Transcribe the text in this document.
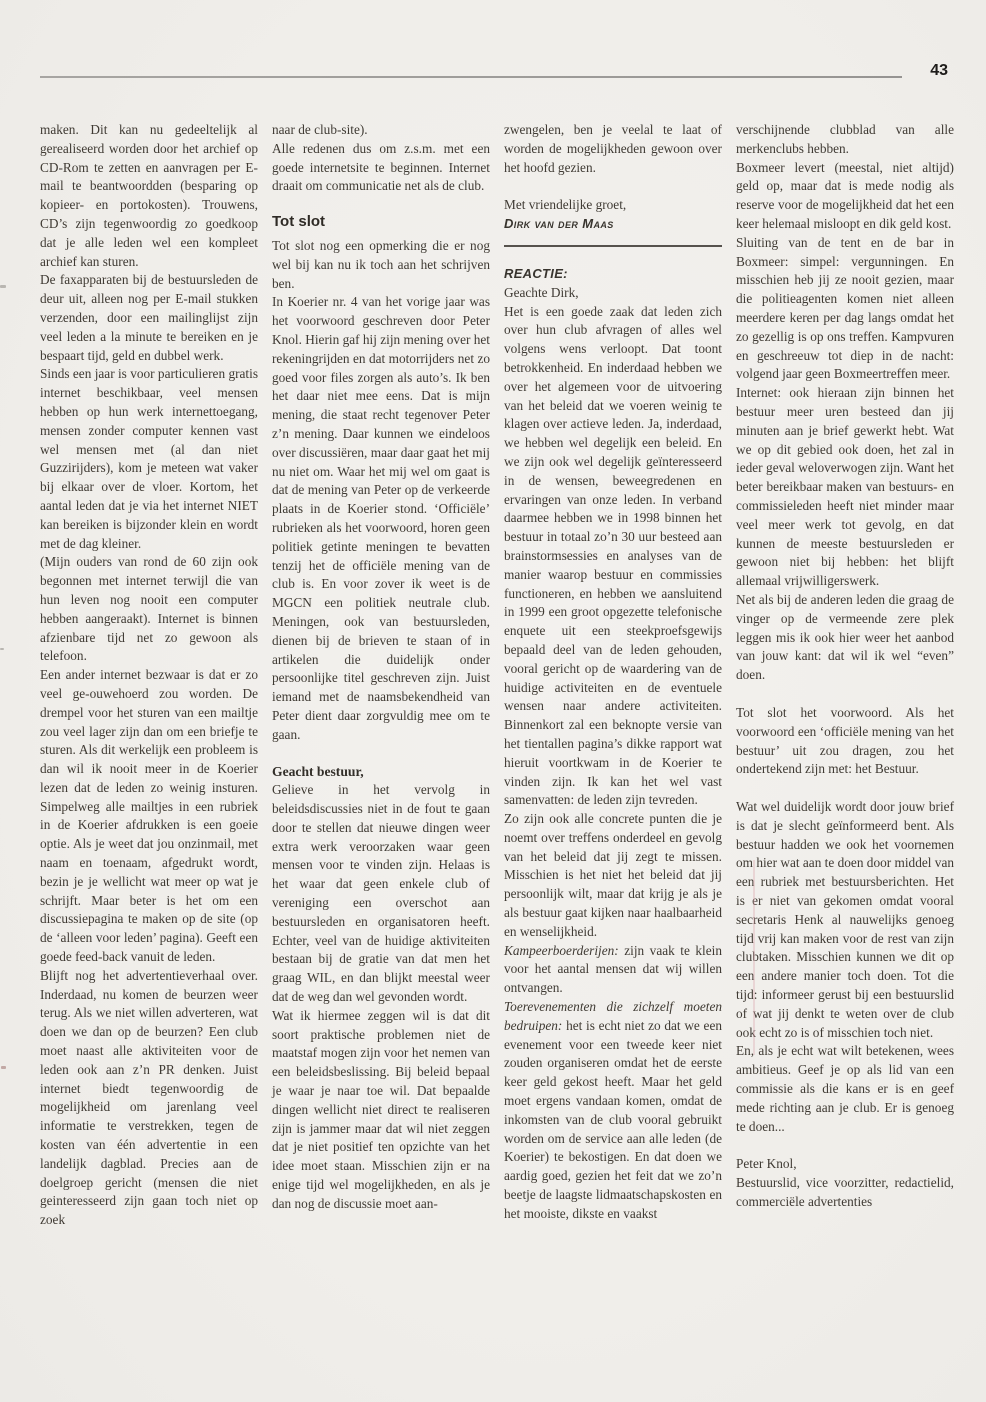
43

maken. Dit kan nu gedeeltelijk al gerealiseerd worden door het archief op CD-Rom te zetten en aanvragen per E-mail te beantwoordden (besparing op kopieer- en portokosten). Trouwens, CD’s zijn tegenwoordig zo goedkoop dat je alle leden wel een kompleet archief kan sturen.

De faxapparaten bij de bestuursleden de deur uit, alleen nog per E-mail stukken verzenden, door een mailinglijst zijn veel leden a la minute te bereiken en je bespaart tijd, geld en dubbel werk.

Sinds een jaar is voor particulieren gratis internet beschikbaar, veel mensen hebben op hun werk internettoegang, mensen zonder computer kennen vast wel mensen met (al dan niet Guzzirijders), kom je meteen wat vaker bij elkaar over de vloer. Kortom, het aantal leden dat je via het internet NIET kan bereiken is bijzonder klein en wordt met de dag kleiner.

(Mijn ouders van rond de 60 zijn ook begonnen met internet terwijl die van hun leven nog nooit een computer hebben aangeraakt). Internet is binnen afzienbare tijd net zo gewoon als telefoon.

Een ander internet bezwaar is dat er zo veel ge-ouwehoerd zou worden. De drempel voor het sturen van een mailtje zou veel lager zijn dan om een briefje te sturen. Als dit werkelijk een probleem is dan wil ik nooit meer in de Koerier lezen dat de leden zo weinig insturen. Simpelweg alle mailtjes in een rubriek in de Koerier afdrukken is een goeie optie. Als je weet dat jou onzinmail, met naam en toenaam, afgedrukt wordt, bezin je je wellicht wat meer op wat je schrijft. Maar beter is het om een discussiepagina te maken op de site (op de ‘alleen voor leden’ pagina). Geeft een goede feed-back vanuit de leden.

Blijft nog het advertentieverhaal over. Inderdaad, nu komen de beurzen weer terug. Als we niet willen adverteren, wat doen we dan op de beurzen? Een club moet naast alle aktiviteiten voor de leden ook aan z’n PR denken. Juist internet biedt tegenwoordig de mogelijkheid om jarenlang veel informatie te verstrekken, tegen de kosten van één advertentie in een landelijk dagblad. Precies aan de doelgroep gericht (mensen die niet geinteresseerd zijn gaan toch niet op zoek

naar de club-site).

Alle redenen dus om z.s.m. met een goede internetsite te beginnen. Internet draait om communicatie net als de club.

Tot slot

Tot slot nog een opmerking die er nog wel bij kan nu ik toch aan het schrijven ben.

In Koerier nr. 4 van het vorige jaar was het voorwoord geschreven door Peter Knol. Hierin gaf hij zijn mening over het rekeningrijden en dat motorrijders net zo goed voor files zorgen als auto’s. Ik ben het daar niet mee eens. Dat is mijn mening, die staat recht tegenover Peter z’n mening. Daar kunnen we eindeloos over discussiëren, maar daar gaat het mij nu niet om. Waar het mij wel om gaat is dat de mening van Peter op de verkeerde plaats in de Koerier stond. ‘Officiële’ rubrieken als het voorwoord, horen geen politiek getinte meningen te bevatten tenzij het de officiële mening van de club is. En voor zover ik weet is de MGCN een politiek neutrale club. Meningen, ook van bestuursleden, dienen bij de brieven te staan of in artikelen die duidelijk onder persoonlijke titel geschreven zijn. Juist iemand met de naamsbekendheid van Peter dient daar zorgvuldig mee om te gaan.

Geacht bestuur,

Gelieve in het vervolg in beleidsdiscussies niet in de fout te gaan door te stellen dat nieuwe dingen weer extra werk veroorzaken waar geen mensen voor te vinden zijn. Helaas is het waar dat geen enkele club of vereniging een overschot aan bestuursleden en organisatoren heeft. Echter, veel van de huidige aktiviteiten bestaan bij de gratie van dat men het graag WIL, en dan blijkt meestal weer dat de weg dan wel gevonden wordt.

Wat ik hiermee zeggen wil is dat dit soort praktische problemen niet de maatstaf mogen zijn voor het nemen van een beleidsbeslissing. Bij beleid bepaal je waar je naar toe wil. Dat bepaalde dingen wellicht niet direct te realiseren zijn is jammer maar dat wil niet zeggen dat je niet positief ten opzichte van het idee moet staan. Misschien zijn er na enige tijd wel mogelijkheden, en als je dan nog de discussie moet aan-

zwengelen, ben je veelal te laat of worden de mogelijkheden gewoon over het hoofd gezien.

Met vriendelijke groet,

Dirk van der Maas

REACTIE:

Geachte Dirk,

Het is een goede zaak dat leden zich over hun club afvragen of alles wel volgens wens verloopt. Dat toont betrokkenheid. En inderdaad hebben we over het algemeen voor de uitvoering van het beleid dat we voeren weinig te klagen over actieve leden. Ja, inderdaad, we hebben wel degelijk een beleid. En we zijn ook wel degelijk geïnteresseerd in de wensen, beweegredenen en ervaringen van onze leden. In verband daarmee hebben we in 1998 binnen het bestuur in totaal zo’n 30 uur besteed aan brainstormsessies en analyses van de manier waarop bestuur en commissies functioneren, en hebben we aansluitend in 1999 een groot opgezette telefonische enquete uit een steekproefsgewijs bepaald deel van de leden gehouden, vooral gericht op de waardering van de huidige activiteiten en de eventuele wensen naar andere activiteiten. Binnenkort zal een beknopte versie van het tientallen pagina’s dikke rapport wat hieruit voortkwam in de Koerier te vinden zijn. Ik kan het wel vast samenvatten: de leden zijn tevreden.

Zo zijn ook alle concrete punten die je noemt over treffens onderdeel en gevolg van het beleid dat jij zegt te missen. Misschien is het niet het beleid dat jij persoonlijk wilt, maar dat krijg je als je als bestuur gaat kijken naar haalbaarheid en wenselijkheid.

Kampeerboerderijen: zijn vaak te klein voor het aantal mensen dat wij willen ontvangen.

Toerevenementen die zichzelf moeten bedruipen: het is echt niet zo dat we een evenement voor een tweede keer niet zouden organiseren omdat het de eerste keer geld gekost heeft. Maar het geld moet ergens vandaan komen, omdat de inkomsten van de club vooral gebruikt worden om de service aan alle leden (de Koerier) te bekostigen. En dat doen we aardig goed, gezien het feit dat we zo’n beetje de laagste lidmaatschapskosten en het mooiste, dikste en vaakst

verschijnende clubblad van alle merkenclubs hebben.

Boxmeer levert (meestal, niet altijd) geld op, maar dat is mede nodig als reserve voor de mogelijkheid dat het een keer helemaal misloopt en dik geld kost.

Sluiting van de tent en de bar in Boxmeer: simpel: vergunningen. En misschien heb jij ze nooit gezien, maar die politieagenten komen niet alleen meerdere keren per dag langs omdat het zo gezellig is op ons treffen. Kampvuren en geschreeuw tot diep in de nacht: volgend jaar geen Boxmeertreffen meer.

Internet: ook hieraan zijn binnen het bestuur meer uren besteed dan jij minuten aan je brief gewerkt hebt. Wat we op dit gebied ook doen, het zal in ieder geval weloverwogen zijn. Want het beter bereikbaar maken van bestuurs- en commissieleden heeft niet minder maar veel meer werk tot gevolg, en dat kunnen de meeste bestuursleden er gewoon niet bij hebben: het blijft allemaal vrijwilligerswerk.

Net als bij de anderen leden die graag de vinger op de vermeende zere plek leggen mis ik ook hier weer het aanbod van jouw kant: dat wil ik wel “even” doen.

Tot slot het voorwoord. Als het voorwoord een ‘officiële mening van het bestuur’ uit zou dragen, zou het ondertekend zijn met: het Bestuur.

Wat wel duidelijk wordt door jouw brief is dat je slecht geïnformeerd bent. Als bestuur hadden we ook het voornemen om hier wat aan te doen door middel van een rubriek met bestuursberichten. Het is er niet van gekomen omdat vooral secretaris Henk al nauwelijks genoeg tijd vrij kan maken voor de rest van zijn clubtaken. Misschien kunnen we dit op een andere manier toch doen. Tot die tijd: informeer gerust bij een bestuurslid of wat jij denkt te weten over de club ook echt zo is of misschien toch niet.

En, als je echt wat wilt betekenen, wees ambitieus. Geef je op als lid van een commissie als die kans er is en geef mede richting aan je club. Er is genoeg te doen...

Peter Knol,

Bestuurslid, vice voorzitter, redactielid, commerciële advertenties
